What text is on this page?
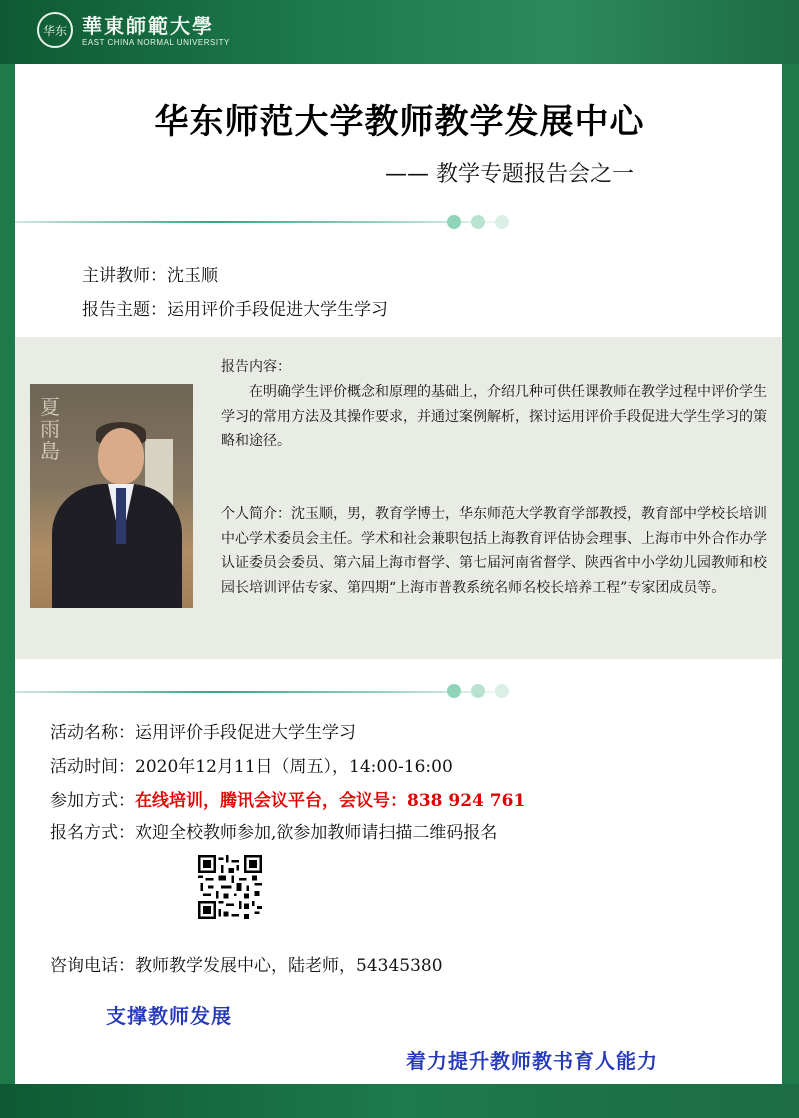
华东 華東師範大學
EAST CHINA NORMAL UNIVERSITY
华东师范大学教师教学发展中心
—— 教学专题报告会之一
主讲教师：沈玉顺
报告主题：运用评价手段促进大学生学习
夏雨島
报告内容：
在明确学生评价概念和原理的基础上，介绍几种可供任课教师在教学过程中评价学生学习的常用方法及其操作要求，并通过案例解析，探讨运用评价手段促进大学生学习的策略和途径。
个人简介：沈玉顺，男，教育学博士，华东师范大学教育学部教授，教育部中学校长培训中心学术委员会主任。学术和社会兼职包括上海教育评估协会理事、上海市中外合作办学认证委员会委员、第六届上海市督学、第七届河南省督学、陕西省中小学幼儿园教师和校园长培训评估专家、第四期“上海市普教系统名师名校长培养工程”专家团成员等。
活动名称：运用评价手段促进大学生学习
活动时间：2020年12月11日（周五），14:00-16:00
参加方式：在线培训，腾讯会议平台，会议号：838 924 761
报名方式：欢迎全校教师参加,欲参加教师请扫描二维码报名
咨询电话：教师教学发展中心，陆老师，54345380
支撑教师发展
着力提升教师教书育人能力
